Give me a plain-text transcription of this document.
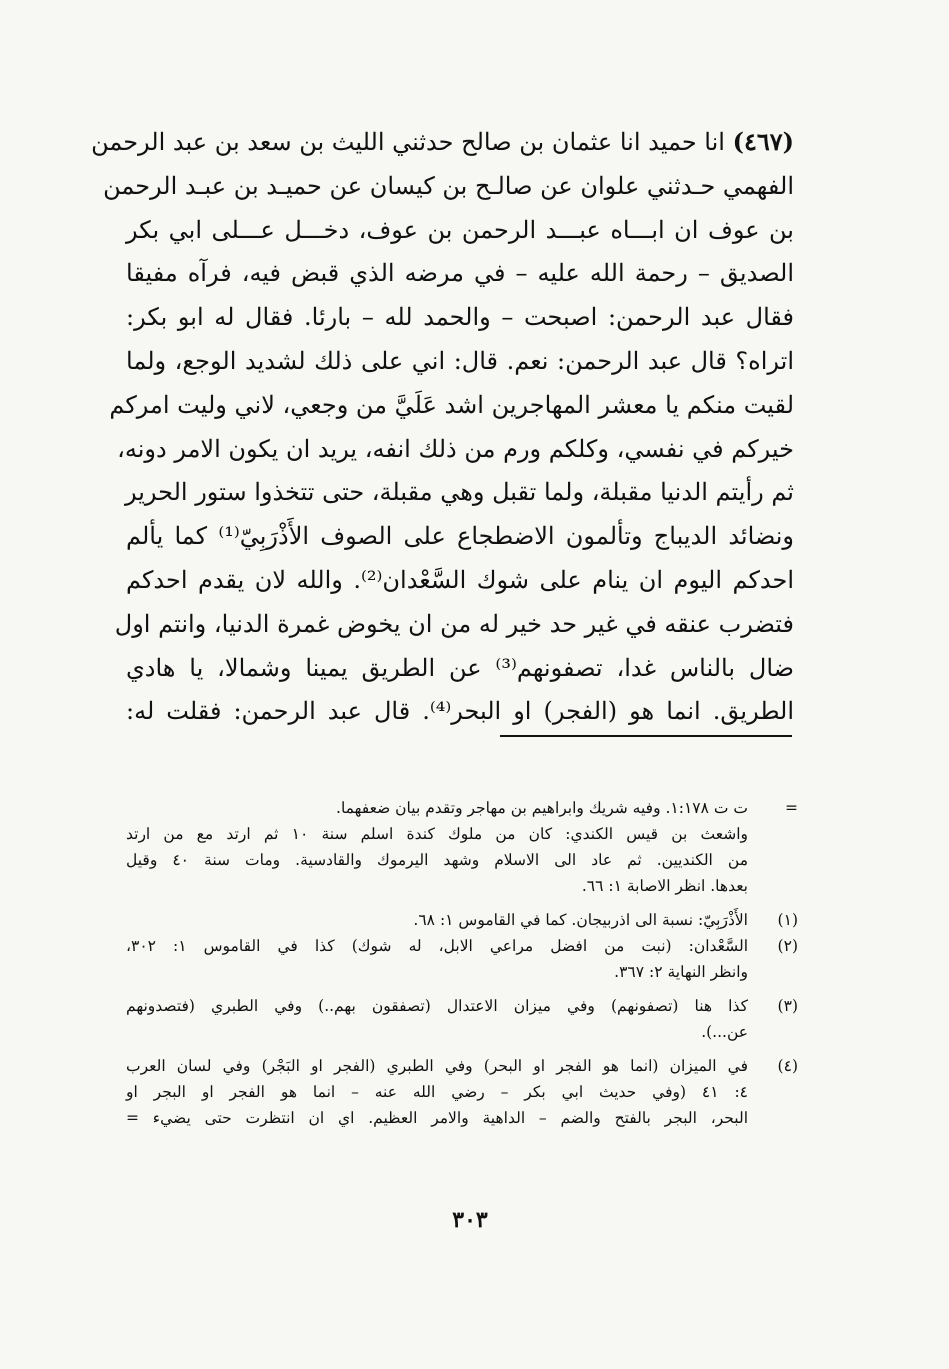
(٤٦٧) انا حميد انا عثمان بن صالح حدثني الليث بن سعد بن عبد الرحمن

الفهمي حـدثني علوان عن صالـح بن كيسان عن حميـد بن عبـد الرحمن

بن عوف ان ابـــاه عبـــد الرحمن بن عوف، دخـــل عـــلى ابي بكر

الصديق – رحمة الله عليه – في مرضه الذي قبض فيه، فرآه مفيقا

فقال عبد الرحمن: اصبحت – والحمد لله – بارئا. فقال له ابو بكر:

اتراه؟ قال عبد الرحمن: نعم. قال: اني على ذلك لشديد الوجع، ولما

لقيت منكم يا معشر المهاجرين اشد عَلَيَّ من وجعي، لاني وليت امركم

خيركم في نفسي، وكلكم ورم من ذلك انفه، يريد ان يكون الامر دونه،

ثم رأيتم الدنيا مقبلة، ولما تقبل وهي مقبلة، حتى تتخذوا ستور الحرير

ونضائد الديباج وتألمون الاضطجاع على الصوف الأَذْرَبِيّ⁽¹⁾ كما يألم

احدكم اليوم ان ينام على شوك السَّعْدان⁽²⁾. والله لان يقدم احدكم

فتضرب عنقه في غير حد خير له من ان يخوض غمرة الدنيا، وانتم اول

ضال بالناس غدا، تصفونهم⁽³⁾ عن الطريق يمينا وشمالا، يا هادي

الطريق. انما هو (الفجر) او البحر⁽⁴⁾. قال عبد الرحمن: فقلت له:

=

ت ت ١:١٧٨. وفيه شريك وابراهيم بن مهاجر وتقدم بيان ضعفهما.

واشعث بن قيس الكندي: كان من ملوك كندة اسلم سنة ١٠ ثم ارتد مع من ارتد

من الكنديين. ثم عاد الى الاسلام وشهد اليرموك والقادسية. ومات سنة ٤٠ وقيل

بعدها. انظر الاصابة ١: ٦٦.

(١)

الأَذْرَبِيّ: نسبة الى اذربيجان. كما في القاموس ١: ٦٨.

(٢)

السَّعْدان: (نبت من افضل مراعي الابل، له شوك) كذا في القاموس ١: ٣٠٢،

وانظر النهاية ٢: ٣٦٧.

(٣)

كذا هنا (تصفونهم) وفي ميزان الاعتدال (تصفقون بهم..) وفي الطبري (فتصدونهم

عن...).

(٤)

في الميزان (انما هو الفجر او البحر) وفي الطبري (الفجر او البَجْر) وفي لسان العرب

٤: ٤١ (وفي حديث ابي بكر – رضي الله عنه – انما هو الفجر او البجر او

البحر، البجر بالفتح والضم – الداهية والامر العظيم. اي ان انتظرت حتى يضيء =

٣٠٣
